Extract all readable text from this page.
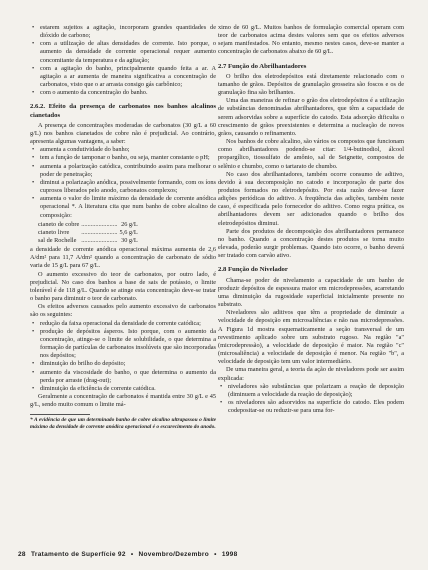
• estarem sujeitos a agitação, incorporam grandes quantidades de dióxido de carbono;
• com a utilização de altas densidades de corrente. Isto porque, o aumento da densidade de corrente operacional requer aumento concomitante da temperatura e da agitação;
• com a agitação do banho, principalmente quando feita a ar. A agitação a ar aumenta de maneira significativa a concentração de carbonatos, visto que o ar arrasta consigo gás carbônico;
• com o aumento da concentração do banho.
2.6.2. Efeito da presença de carbonatos nos banhos alcalinos cianetados

A presença de concentrações moderadas de carbonatos (30 g/L a 60 g/L) nos banhos cianetados de cobre não é prejudicial. Ao contrário, apresenta algumas vantagens, a saber:

• aumenta a condutividade do banho;
• tem a função de tamponar o banho, ou seja, manter constante o pH;
• aumenta a polarização catódica, contribuindo assim para melhorar o poder de penetração;
• diminui a polarização anódica, possivelmente formando, com os íons cuprosos liberados pelo anodo, carbonatos complexos;
• aumenta o valor do limite máximo da densidade de corrente anódica operacional *. A literatura cita que num banho de cobre alcalino de composição:
cianeto de cobre	.......................	26 g/L
cianeto livre	.......................	5,6 g/L
sal de Rochelle	.......................	30 g/L

a densidade de corrente anódica operacional máxima aumenta de 2,6 A/dm² para 11,7 A/dm² quando a concentração de carbonato de sódio varia de 15 g/L para 67 g/L.

O aumento excessivo do teor de carbonatos, por outro lado, é prejudicial. No caso dos banhos a base de sais de potássio, o limite tolerável é de 118 g/L. Quando se atinge esta concentração deve-se tratar o banho para diminuir o teor de carbonato.

Os efeitos adversos causados pelo aumento excessivo de carbonatos são os seguintes:

• redução da faixa operacional da densidade de corrente catódica;
• produção de depósitos ásperos. Isto porque, com o aumento da concentração, atinge-se o limite de solubilidade, o que determina a formação de partículas de carbonatos insolúveis que são incorporadas nos depósitos;
• diminuição do brilho do depósito;
• aumento da viscosidade do banho, o que determina o aumento da perda por arraste (drag-out);
• diminuição da eficiência de corrente catódica.

Geralmente a concentração de carbonatos é mantida entre 30 g/L e 45 g/L, sendo muito comum o limite má-

* A evidência de que um determinado banho de cobre alcalino ultrapassou o limite máximo da densidade de corrente anódica operacional é o escurecimento do anodo.

ximo de 60 g/L. Muitos banhos de formulação comercial operam com teor de carbonatos acima destes valores sem que os efeitos adversos sejam manifestados. No entanto, mesmo nestes casos, deve-se manter a concentração de carbonatos abaixo de 60 g/L.

2.7 Função do Abrilhantadores

O brilho dos eletrodepósitos está diretamente relacionado com o tamanho de grãos. Depósitos de granulação grosseira são foscos e os de granulação fina são brilhantes.

Uma das maneiras de refinar o grão dos eletrodepósitos é a utilização de substâncias denominadas abrilhantadores, que têm a capacidade de serem adsorvidas sobre a superfície do catodo. Esta adsorção dificulta o crescimento de grãos preexistentes e determina a nucleação de novos grãos, causando o refinamento.

Nos banhos de cobre alcalino, são vários os compostos que funcionam como abrilhantadores podendo-se citar: 1/4-butinodiol, álcool propargílico, tiossulfato de amônio, sal de Seignette, compostos de selênio e chumbo, como o tartarato de chumbo.

No caso dos abrilhantadores, também ocorre consumo de aditivo, devido à sua decomposição no catodo e incorporação de parte dos produtos formados no eletrodepósito. Por esta razão deve-se fazer adições periódicas do aditivo. A freqüência das adições, também neste caso, é especificada pelo fornecedor do aditivo. Como regra prática, os abrilhantadores devem ser adicionados quando o brilho dos eletrodepósitos diminui.

Parte dos produtos de decomposição dos abrilhantadores permanece no banho. Quando a concentração destes produtos se torna muito elevada, poderão surgir problemas. Quando isto ocorre, o banho deverá ser tratado com carvão ativo.

2.8 Função do Nivelador

Chama-se poder de nivelamento a capacidade de um banho de produzir depósitos de espessura maior em microdepressões, acarretando uma diminuição da rugosidade superficial inicialmente presente no substrato.

Niveladores são aditivos que têm a propriedade de diminuir a velocidade de deposição em microsaliências e não nas microdepressões. A Figura 1d mostra esquematicamente a seção transversal de um revestimento aplicado sobre um substrato rugoso. Na região "a" (microdepressão), a velocidade de deposição é maior. Na região "c" (microsaliência) a velocidade de deposição é menor. Na região "b", a velocidade de deposição tem um valor intermediário.

De uma maneira geral, a teoria da ação de niveladores pode ser assim explicada:

• niveladores são substâncias que polarizam a reação de deposição (diminuem a velocidade da reação de deposição);
• os niveladores são adsorvidos na superfície do catodo. Eles podem codepositar-se ou reduzir-se para uma for-
28 Tratamento de Superfície 92 • Novembro/Dezembro • 1998
